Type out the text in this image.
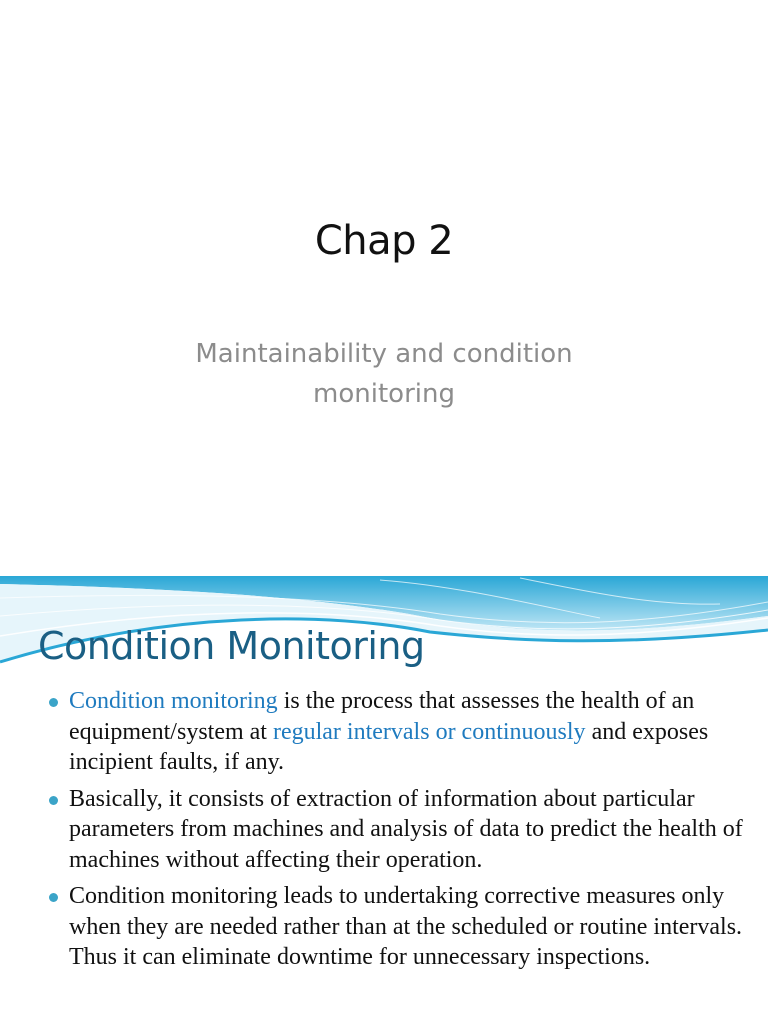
Chap 2
Maintainability and condition
monitoring
Condition Monitoring
Condition monitoring is the process that assesses the health of an equipment/system at regular intervals or continuously and exposes incipient faults, if any.
Basically, it consists of extraction of information about particular parameters from machines and analysis of data to predict the health of machines without affecting their operation.
Condition monitoring leads to undertaking corrective measures only when they are needed rather than at the scheduled or routine intervals. Thus it can eliminate downtime for unnecessary inspections.
